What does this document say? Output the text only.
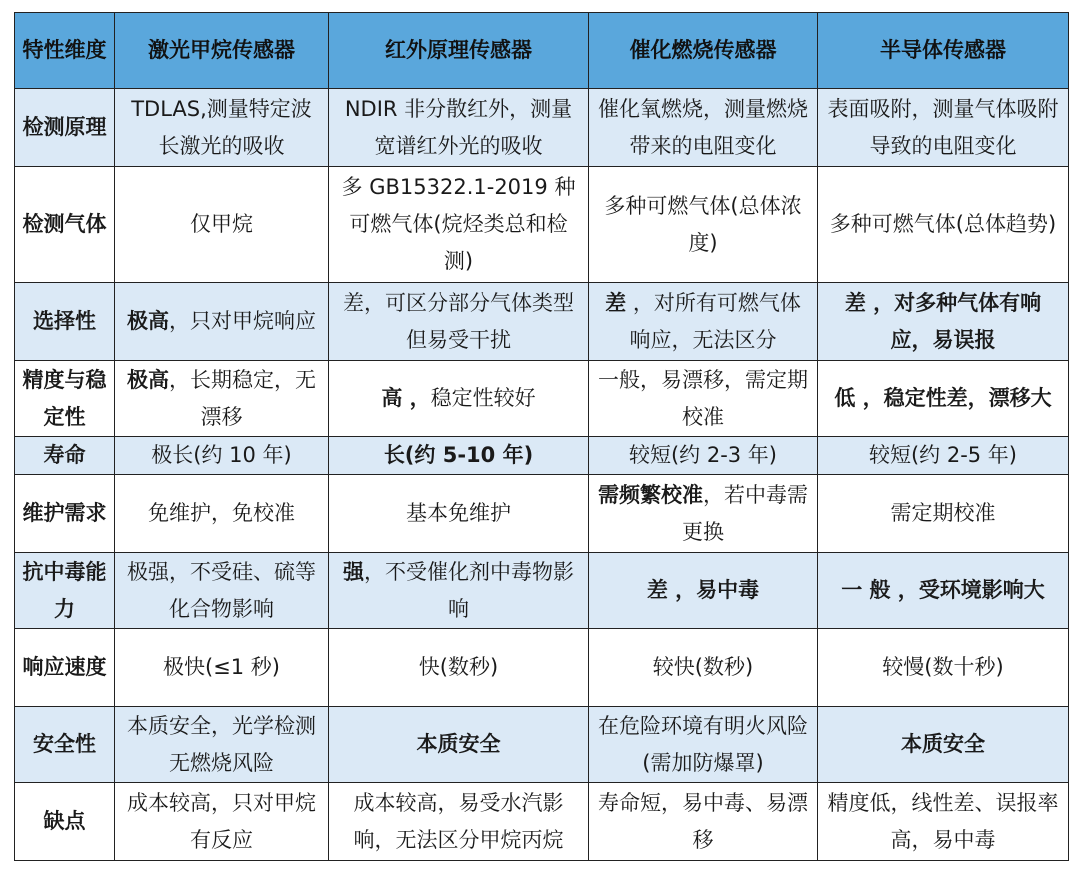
特性维度	激光甲烷传感器	红外原理传感器	催化燃烧传感器	半导体传感器
检测原理	TDLAS,测量特定波长激光的吸收	NDIR 非分散红外，测量宽谱红外光的吸收	催化氧燃烧，测量燃烧带来的电阻变化	表面吸附，测量气体吸附导致的电阻变化
检测气体	仅甲烷	多 GB15322.1-2019 种可燃气体(烷烃类总和检测)	多种可燃气体(总体浓度)	多种可燃气体(总体趋势)
选择性	极高，只对甲烷响应	差，可区分部分气体类型但易受干扰	差 ，对所有可燃气体响应，无法区分	差 ，对多种气体有响应，易误报
精度与稳定性	极高，长期稳定，无漂移	高 ，稳定性较好	一般，易漂移，需定期校准	低 ，稳定性差，漂移大
寿命	极长(约 10 年)	长(约 5-10 年)	较短(约 2-3 年)	较短(约 2-5 年)
维护需求	免维护，免校准	基本免维护	需频繁校准，若中毒需更换	需定期校准
抗中毒能力	极强，不受硅、硫等化合物影响	强，不受催化剂中毒物影响	差 ，易中毒	一 般 ，受环境影响大
响应速度	极快(≤1 秒)	快(数秒)	较快(数秒)	较慢(数十秒)
安全性	本质安全，光学检测无燃烧风险	本质安全	在危险环境有明火风险(需加防爆罩)	本质安全
缺点	成本较高，只对甲烷有反应	成本较高，易受水汽影响，无法区分甲烷丙烷	寿命短，易中毒、易漂移	精度低，线性差、误报率高，易中毒
